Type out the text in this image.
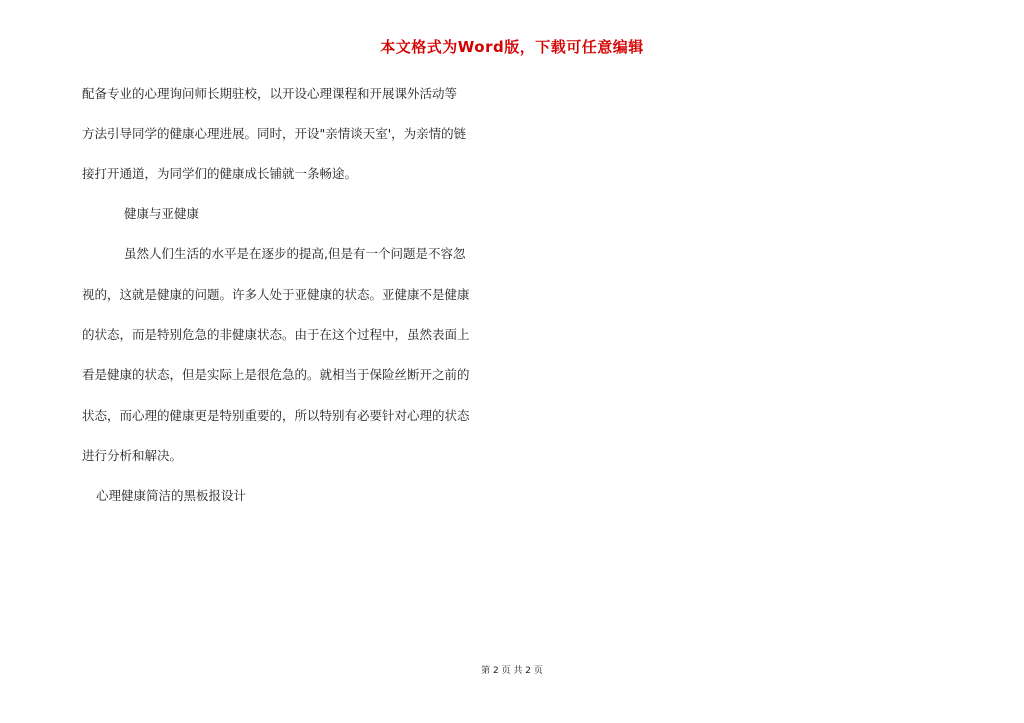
本文格式为Word版，下载可任意编辑
配备专业的心理询问师长期驻校，以开设心理课程和开展课外活动等
方法引导同学的健康心理进展。同时，开设"亲情谈天室'，为亲情的链
接打开通道，为同学们的健康成长铺就一条畅途。
健康与亚健康
虽然人们生活的水平是在逐步的提高,但是有一个问题是不容忽
视的，这就是健康的问题。许多人处于亚健康的状态。亚健康不是健康
的状态，而是特别危急的非健康状态。由于在这个过程中，虽然表面上
看是健康的状态，但是实际上是很危急的。就相当于保险丝断开之前的
状态，而心理的健康更是特别重要的，所以特别有必要针对心理的状态
进行分析和解决。
心理健康简洁的黑板报设计
第 2 页 共 2 页
